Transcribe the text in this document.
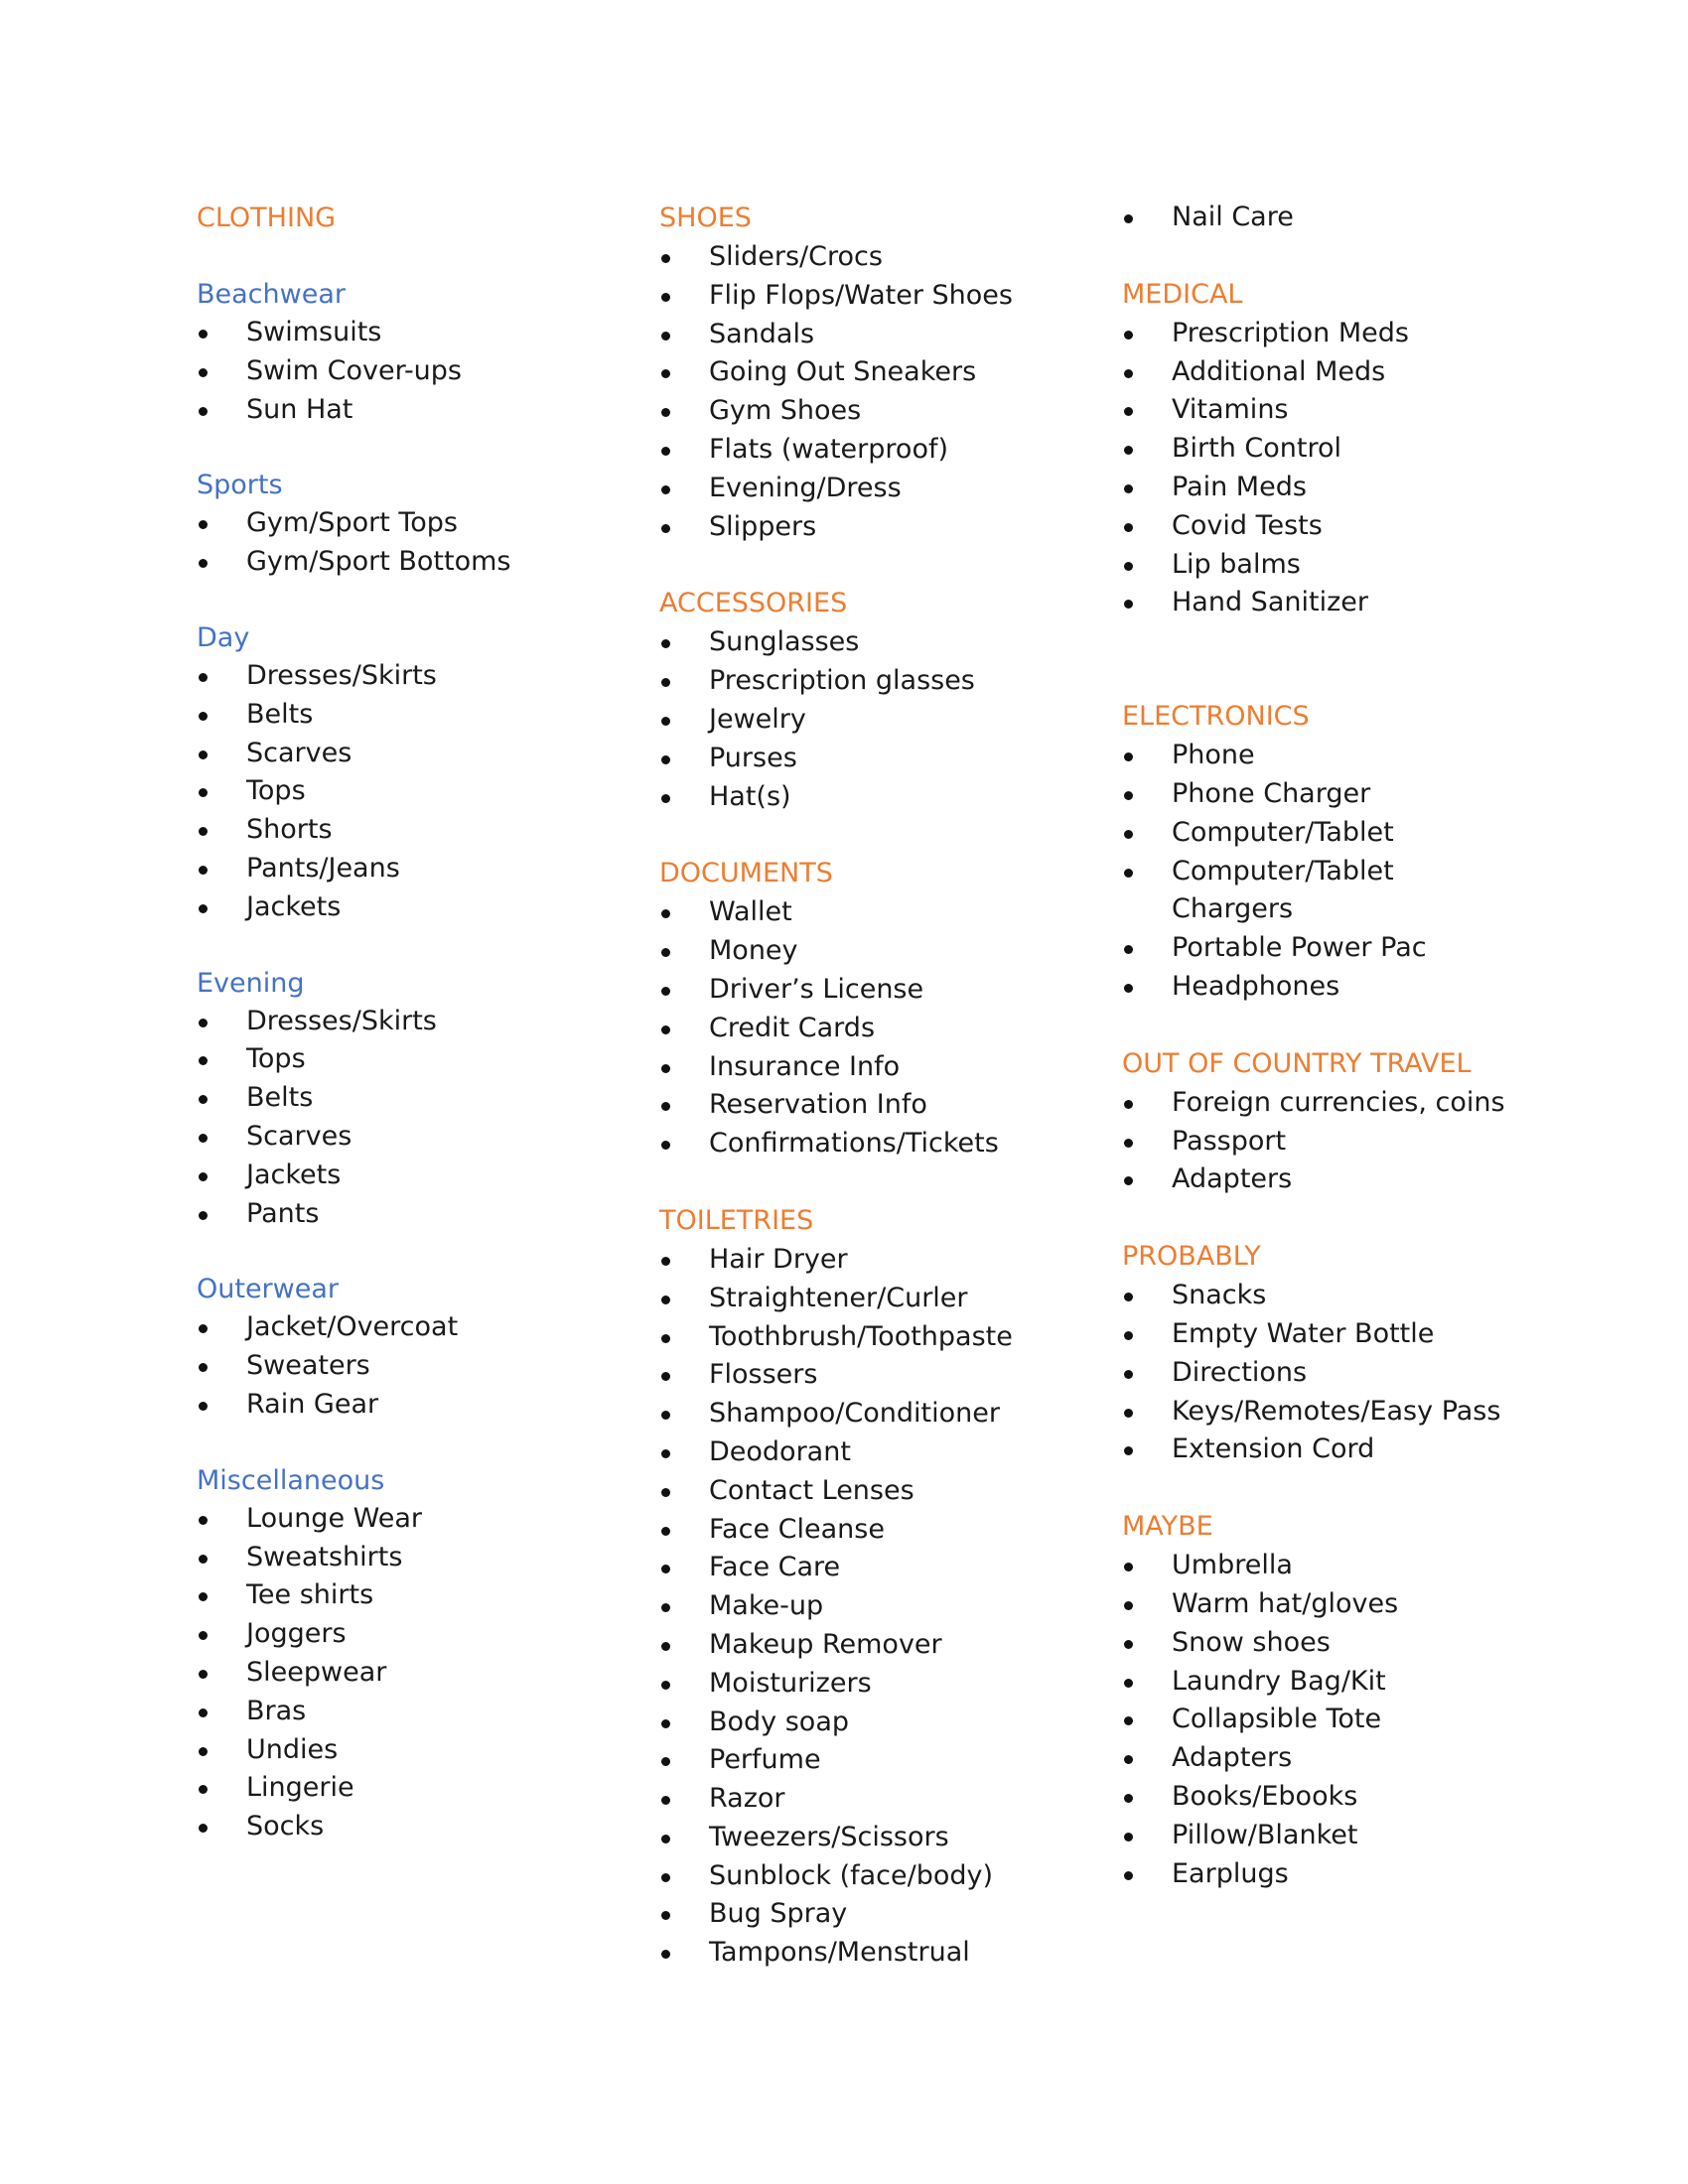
CLOTHING
Beachwear
Swimsuits
Swim Cover-ups
Sun Hat
Sports
Gym/Sport Tops
Gym/Sport Bottoms
Day
Dresses/Skirts
Belts
Scarves
Tops
Shorts
Pants/Jeans
Jackets
Evening
Dresses/Skirts
Tops
Belts
Scarves
Jackets
Pants
Outerwear
Jacket/Overcoat
Sweaters
Rain Gear
Miscellaneous
Lounge Wear
Sweatshirts
Tee shirts
Joggers
Sleepwear
Bras
Undies
Lingerie
Socks
SHOES
Sliders/Crocs
Flip Flops/Water Shoes
Sandals
Going Out Sneakers
Gym Shoes
Flats (waterproof)
Evening/Dress
Slippers
ACCESSORIES
Sunglasses
Prescription glasses
Jewelry
Purses
Hat(s)
DOCUMENTS
Wallet
Money
Driver’s License
Credit Cards
Insurance Info
Reservation Info
Confirmations/Tickets
TOILETRIES
Hair Dryer
Straightener/Curler
Toothbrush/Toothpaste
Flossers
Shampoo/Conditioner
Deodorant
Contact Lenses
Face Cleanse
Face Care
Make-up
Makeup Remover
Moisturizers
Body soap
Perfume
Razor
Tweezers/Scissors
Sunblock (face/body)
Bug Spray
Tampons/Menstrual
Nail Care
MEDICAL
Prescription Meds
Additional Meds
Vitamins
Birth Control
Pain Meds
Covid Tests
Lip balms
Hand Sanitizer
ELECTRONICS
Phone
Phone Charger
Computer/Tablet
Computer/Tablet Chargers
Portable Power Pac
Headphones
OUT OF COUNTRY TRAVEL
Foreign currencies, coins
Passport
Adapters
PROBABLY
Snacks
Empty Water Bottle
Directions
Keys/Remotes/Easy Pass
Extension Cord
MAYBE
Umbrella
Warm hat/gloves
Snow shoes
Laundry Bag/Kit
Collapsible Tote
Adapters
Books/Ebooks
Pillow/Blanket
Earplugs
